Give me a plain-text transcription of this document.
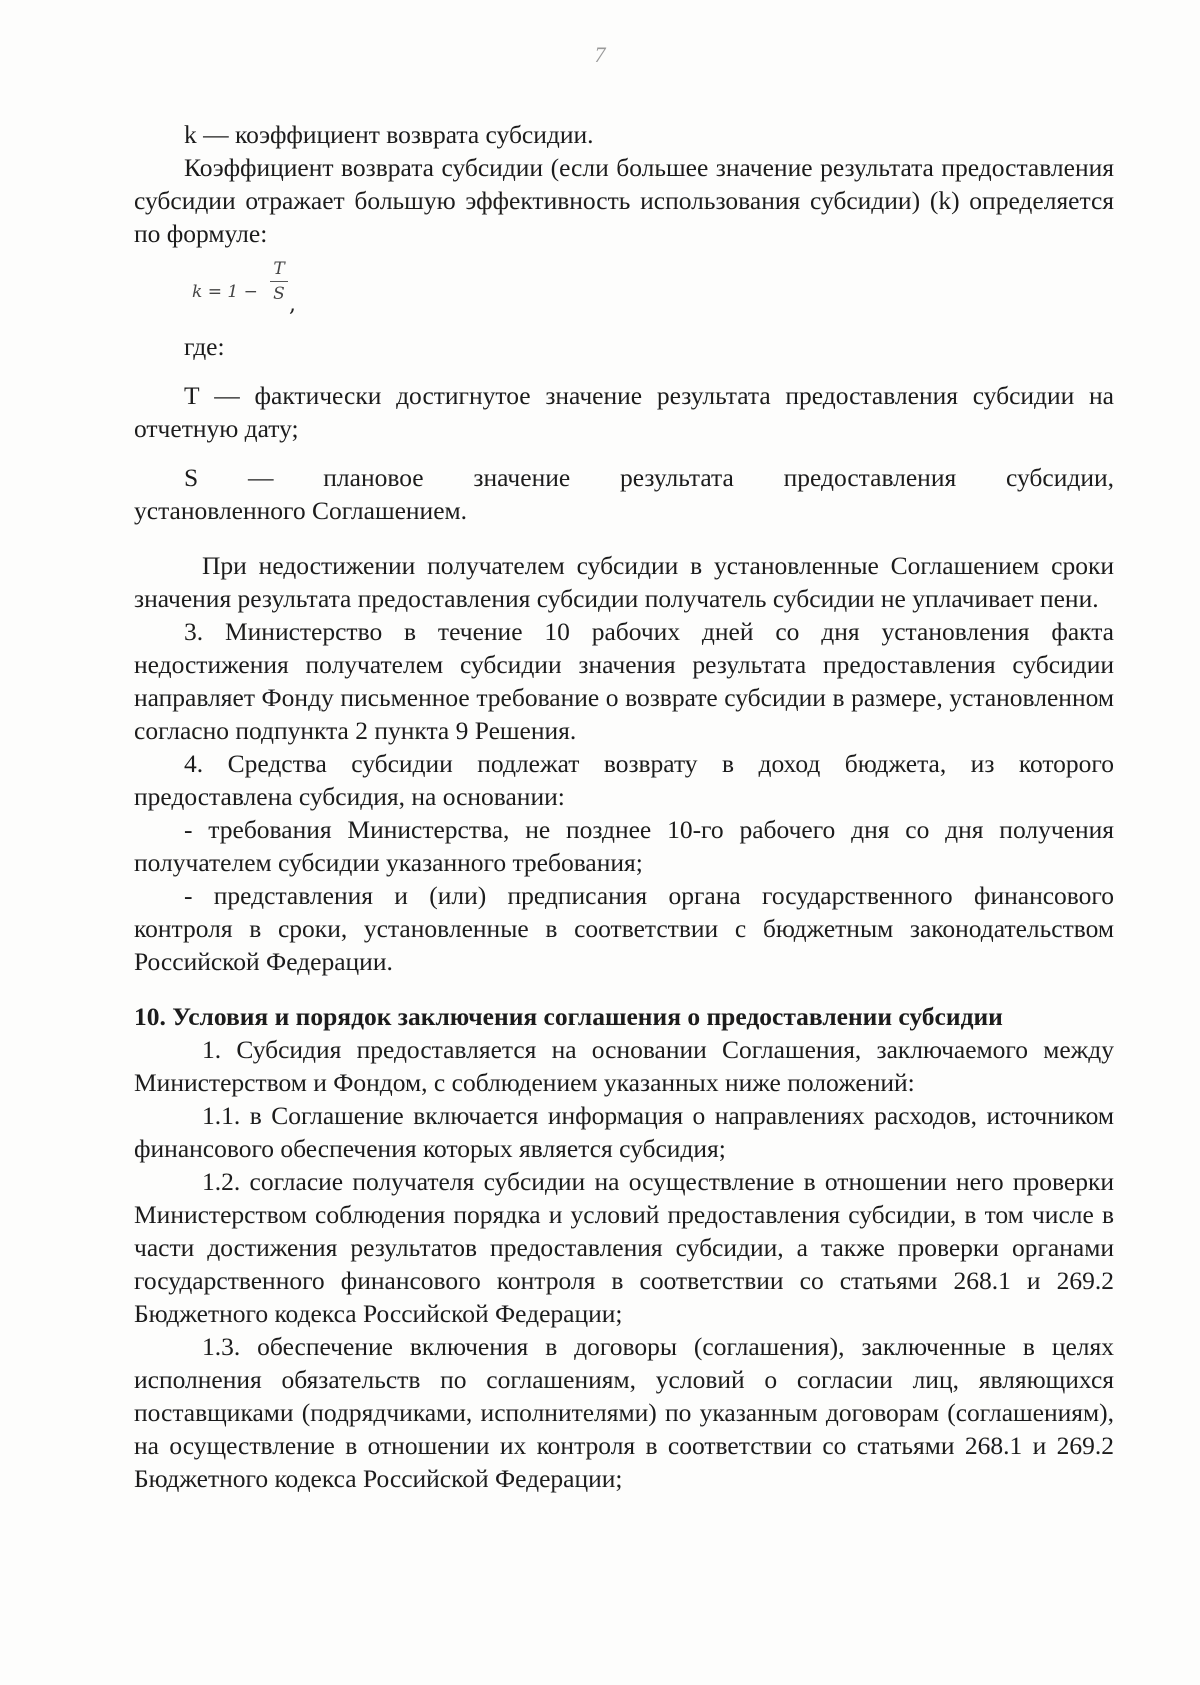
7

k — коэффициент возврата субсидии.

Коэффициент возврата субсидии (если большее значение результата предоставления субсидии отражает большую эффективность использования субсидии) (k) определяется по формуле:

k = 1 −
T
S ,

где:

Т — фактически достигнутое значение результата предоставления субсидии на отчетную дату;

S — плановое значение результата предоставления субсидии,

установленного Соглашением.

При недостижении получателем субсидии в установленные Соглашением сроки значения результата предоставления субсидии получатель субсидии не уплачивает пени.

3. Министерство в течение 10 рабочих дней со дня установления факта недостижения получателем субсидии значения результата предоставления субсидии направляет Фонду письменное требование о возврате субсидии в размере, установленном согласно подпункта 2 пункта 9 Решения.

4. Средства субсидии подлежат возврату в доход бюджета, из которого предоставлена субсидия, на основании:

- требования Министерства, не позднее 10-го рабочего дня со дня получения получателем субсидии указанного требования;

- представления и (или) предписания органа государственного финансового контроля в сроки, установленные в соответствии с бюджетным законодательством Российской Федерации.

10. Условия и порядок заключения соглашения о предоставлении субсидии

1. Субсидия предоставляется на основании Соглашения, заключаемого между Министерством и Фондом, с соблюдением указанных ниже положений:

1.1. в Соглашение включается информация о направлениях расходов, источником финансового обеспечения которых является субсидия;

1.2. согласие получателя субсидии на осуществление в отношении него проверки Министерством соблюдения порядка и условий предоставления субсидии, в том числе в части достижения результатов предоставления субсидии, а также проверки органами государственного финансового контроля в соответствии со статьями 268.1 и 269.2 Бюджетного кодекса Российской Федерации;

1.3. обеспечение включения в договоры (соглашения), заключенные в целях исполнения обязательств по соглашениям, условий о согласии лиц, являющихся поставщиками (подрядчиками, исполнителями) по указанным договорам (соглашениям), на осуществление в отношении их контроля в соответствии со статьями 268.1 и 269.2 Бюджетного кодекса Российской Федерации;
